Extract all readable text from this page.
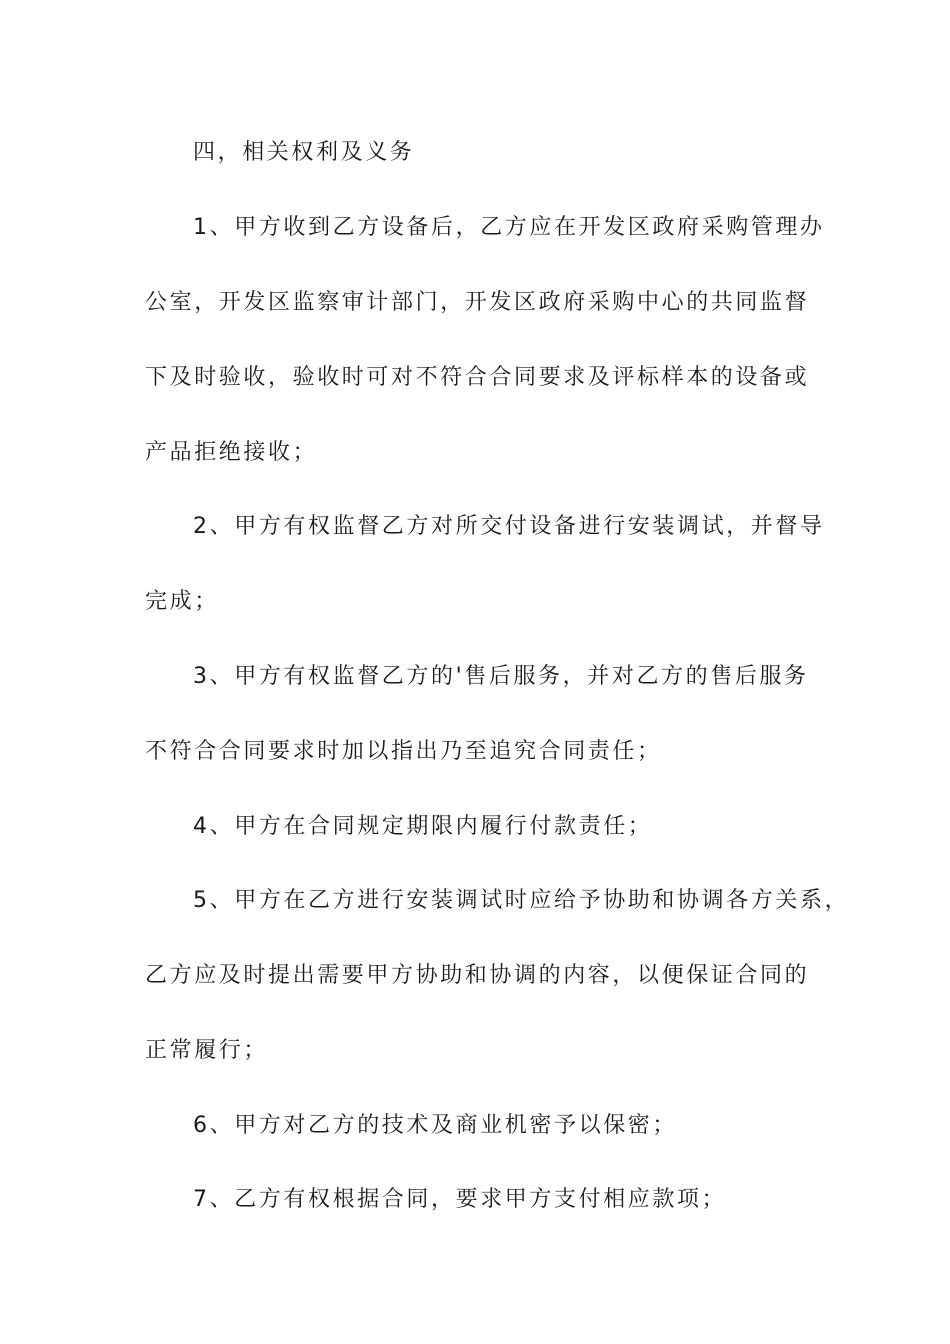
四，相关权利及义务
1、甲方收到乙方设备后，乙方应在开发区政府采购管理办
公室，开发区监察审计部门，开发区政府采购中心的共同监督
下及时验收，验收时可对不符合合同要求及评标样本的设备或
产品拒绝接收；
2、甲方有权监督乙方对所交付设备进行安装调试，并督导
完成；
3、甲方有权监督乙方的'售后服务，并对乙方的售后服务
不符合合同要求时加以指出乃至追究合同责任；
4、甲方在合同规定期限内履行付款责任；
5、甲方在乙方进行安装调试时应给予协助和协调各方关系，
乙方应及时提出需要甲方协助和协调的内容，以便保证合同的
正常履行；
6、甲方对乙方的技术及商业机密予以保密；
7、乙方有权根据合同，要求甲方支付相应款项；
